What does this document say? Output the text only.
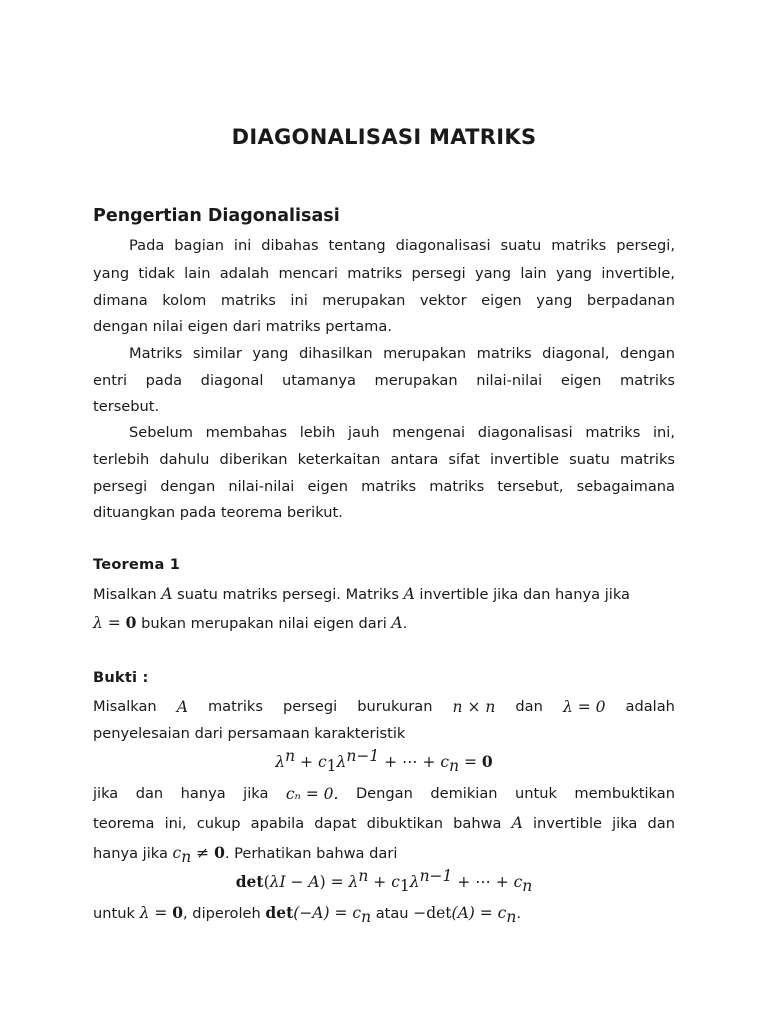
DIAGONALISASI MATRIKS
Pengertian Diagonalisasi

Pada bagian ini dibahas tentang diagonalisasi suatu matriks persegi,

yang tidak lain adalah mencari matriks persegi yang lain yang invertible,

dimana kolom matriks ini merupakan vektor eigen yang berpadanan

dengan nilai eigen dari matriks pertama.

Matriks similar yang dihasilkan merupakan matriks diagonal, dengan

entri pada diagonal utamanya merupakan nilai-nilai eigen matriks

tersebut.

Sebelum membahas lebih jauh mengenai diagonalisasi matriks ini,

terlebih dahulu diberikan keterkaitan antara sifat invertible suatu matriks

persegi dengan nilai-nilai eigen matriks matriks tersebut, sebagaimana

dituangkan pada teorema berikut.

Teorema 1

Misalkan A suatu matriks persegi. Matriks A invertible jika dan hanya jika

λ = 0 bukan merupakan nilai eigen dari A.

Bukti :

Misalkan A matriks persegi burukuran n × n dan λ = 0 adalah

penyelesaian dari persamaan karakteristik

$\lambda^n + c_1\lambda^{n-1}$ + ⋯ + $c_n = 0$

jika dan hanya jika cₙ = 0. Dengan demikian untuk membuktikan

teorema ini, cukup apabila dapat dibuktikan bahwa A invertible jika dan

hanya jika $c_n \ne 0$. Perhatikan bahwa dari

$\det(\lambda I - A) = \lambda^n + c_1\lambda^{n-1}$ + ⋯ + $c_n$

untuk λ = 0, diperoleh $\det(-A) = c_n$ atau $-\det(A) = c_n$.
